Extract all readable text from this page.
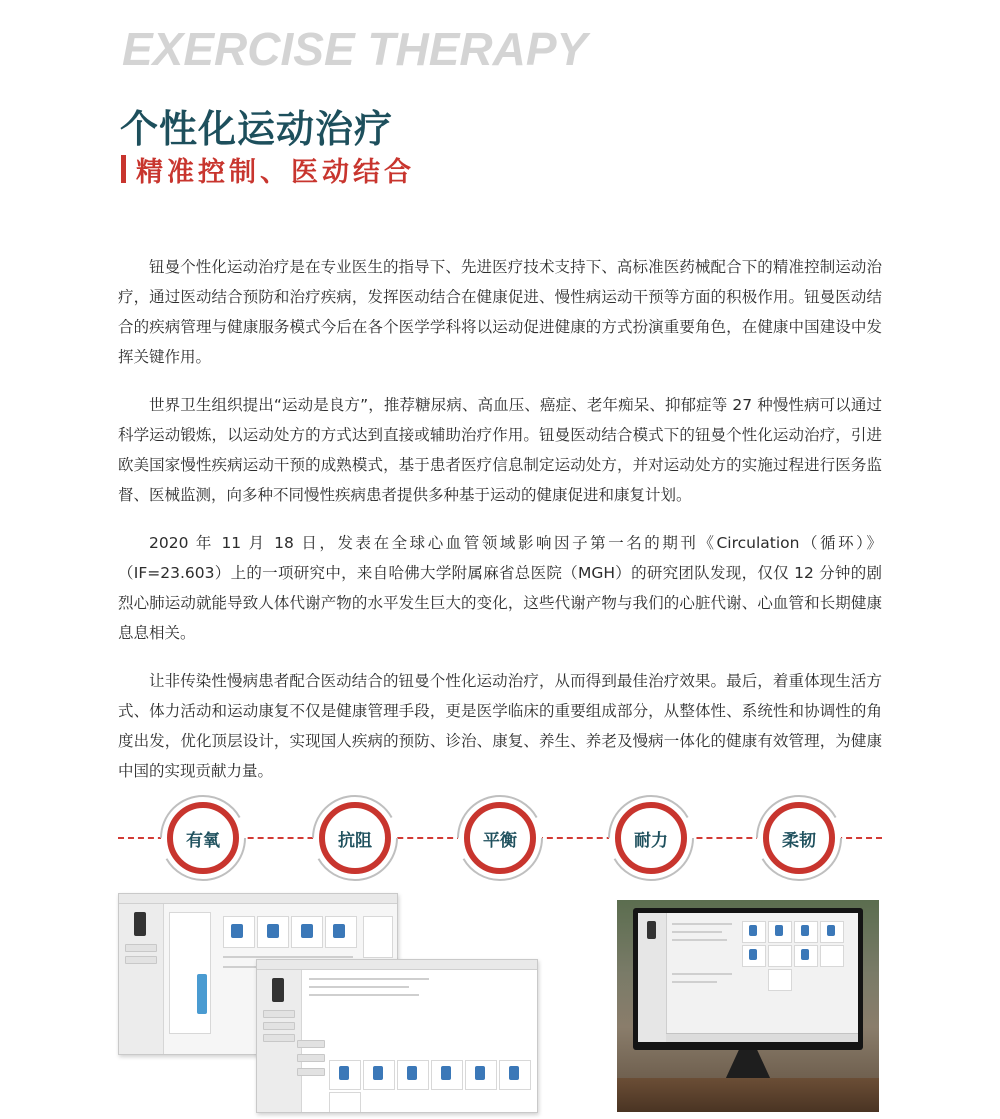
EXERCISE THERAPY
个性化运动治疗
精准控制、医动结合

钮曼个性化运动治疗是在专业医生的指导下、先进医疗技术支持下、高标准医药械配合下的精准控制运动治疗，通过医动结合预防和治疗疾病，发挥医动结合在健康促进、慢性病运动干预等方面的积极作用。钮曼医动结合的疾病管理与健康服务模式今后在各个医学学科将以运动促进健康的方式扮演重要角色，在健康中国建设中发挥关键作用。

世界卫生组织提出“运动是良方”，推荐糖尿病、高血压、癌症、老年痴呆、抑郁症等 27 种慢性病可以通过科学运动锻炼，以运动处方的方式达到直接或辅助治疗作用。钮曼医动结合模式下的钮曼个性化运动治疗，引进欧美国家慢性疾病运动干预的成熟模式，基于患者医疗信息制定运动处方，并对运动处方的实施过程进行医务监督、医械监测，向多种不同慢性疾病患者提供多种基于运动的健康促进和康复计划。

2020 年 11 月 18 日，发表在全球心血管领域影响因子第一名的期刊《Circulation（循环）》（IF=23.603）上的一项研究中，来自哈佛大学附属麻省总医院（MGH）的研究团队发现，仅仅 12 分钟的剧烈心肺运动就能导致人体代谢产物的水平发生巨大的变化，这些代谢产物与我们的心脏代谢、心血管和长期健康息息相关。

让非传染性慢病患者配合医动结合的钮曼个性化运动治疗，从而得到最佳治疗效果。最后，着重体现生活方式、体力活动和运动康复不仅是健康管理手段，更是医学临床的重要组成部分，从整体性、系统性和协调性的角度出发，优化顶层设计，实现国人疾病的预防、诊治、康复、养生、养老及慢病一体化的健康有效管理，为健康中国的实现贡献力量。

有氧	抗阻	平衡	耐力	柔韧
